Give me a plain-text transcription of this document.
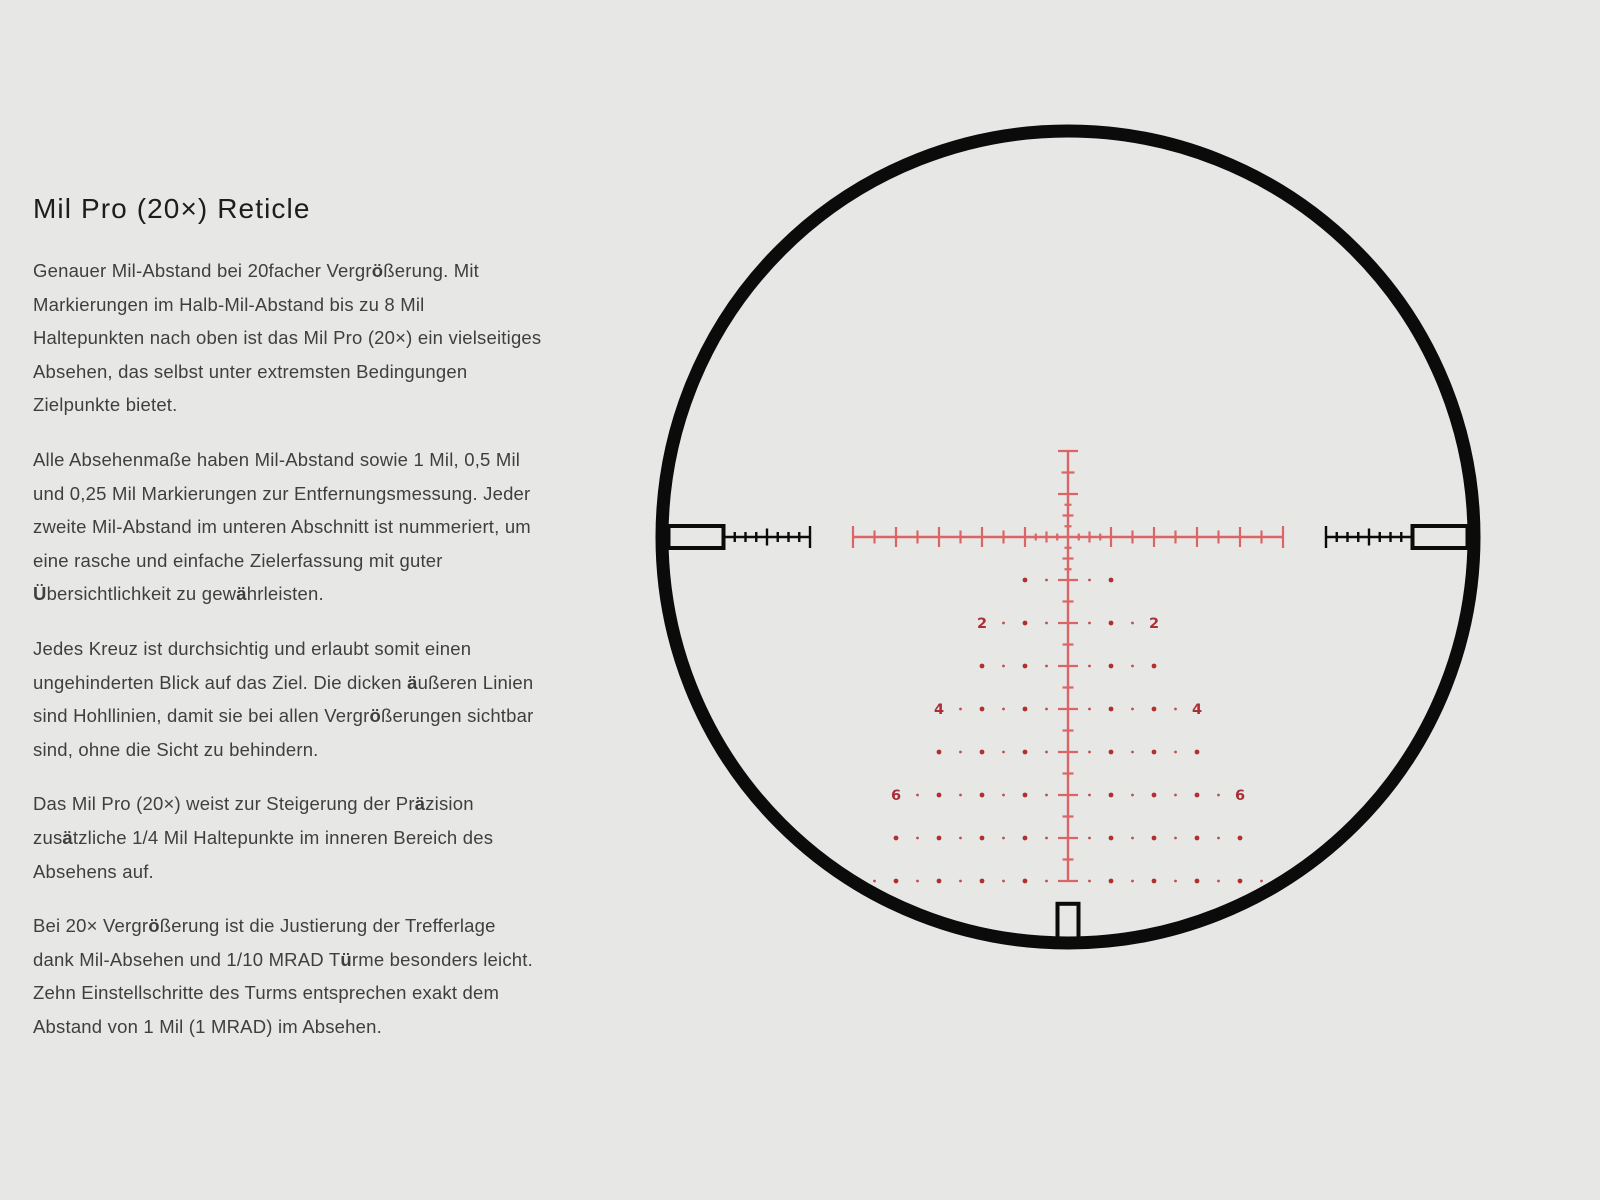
Mil Pro (20×) Reticle
Genauer Mil-Abstand bei 20facher Vergrößerung. Mit
Markierungen im Halb-Mil-Abstand bis zu 8 Mil
Haltepunkten nach oben ist das Mil Pro (20×) ein vielseitiges
Absehen, das selbst unter extremsten Bedingungen
Zielpunkte bietet.
Alle Absehenmaße haben Mil-Abstand sowie 1 Mil, 0,5 Mil
und 0,25 Mil Markierungen zur Entfernungsmessung. Jeder
zweite Mil-Abstand im unteren Abschnitt ist nummeriert, um
eine rasche und einfache Zielerfassung mit guter
Übersichtlichkeit zu gewährleisten.
Jedes Kreuz ist durchsichtig und erlaubt somit einen
ungehinderten Blick auf das Ziel. Die dicken äußeren Linien
sind Hohllinien, damit sie bei allen Vergrößerungen sichtbar
sind, ohne die Sicht zu behindern.
Das Mil Pro (20×) weist zur Steigerung der Präzision
zusätzliche 1/4 Mil Haltepunkte im inneren Bereich des
Absehens auf.
Bei 20× Vergrößerung ist die Justierung der Trefferlage
dank Mil-Absehen und 1/10 MRAD Türme besonders leicht.
Zehn Einstellschritte des Turms entsprechen exakt dem
Abstand von 1 Mil (1 MRAD) im Absehen.
2	2
4	4
6	6
